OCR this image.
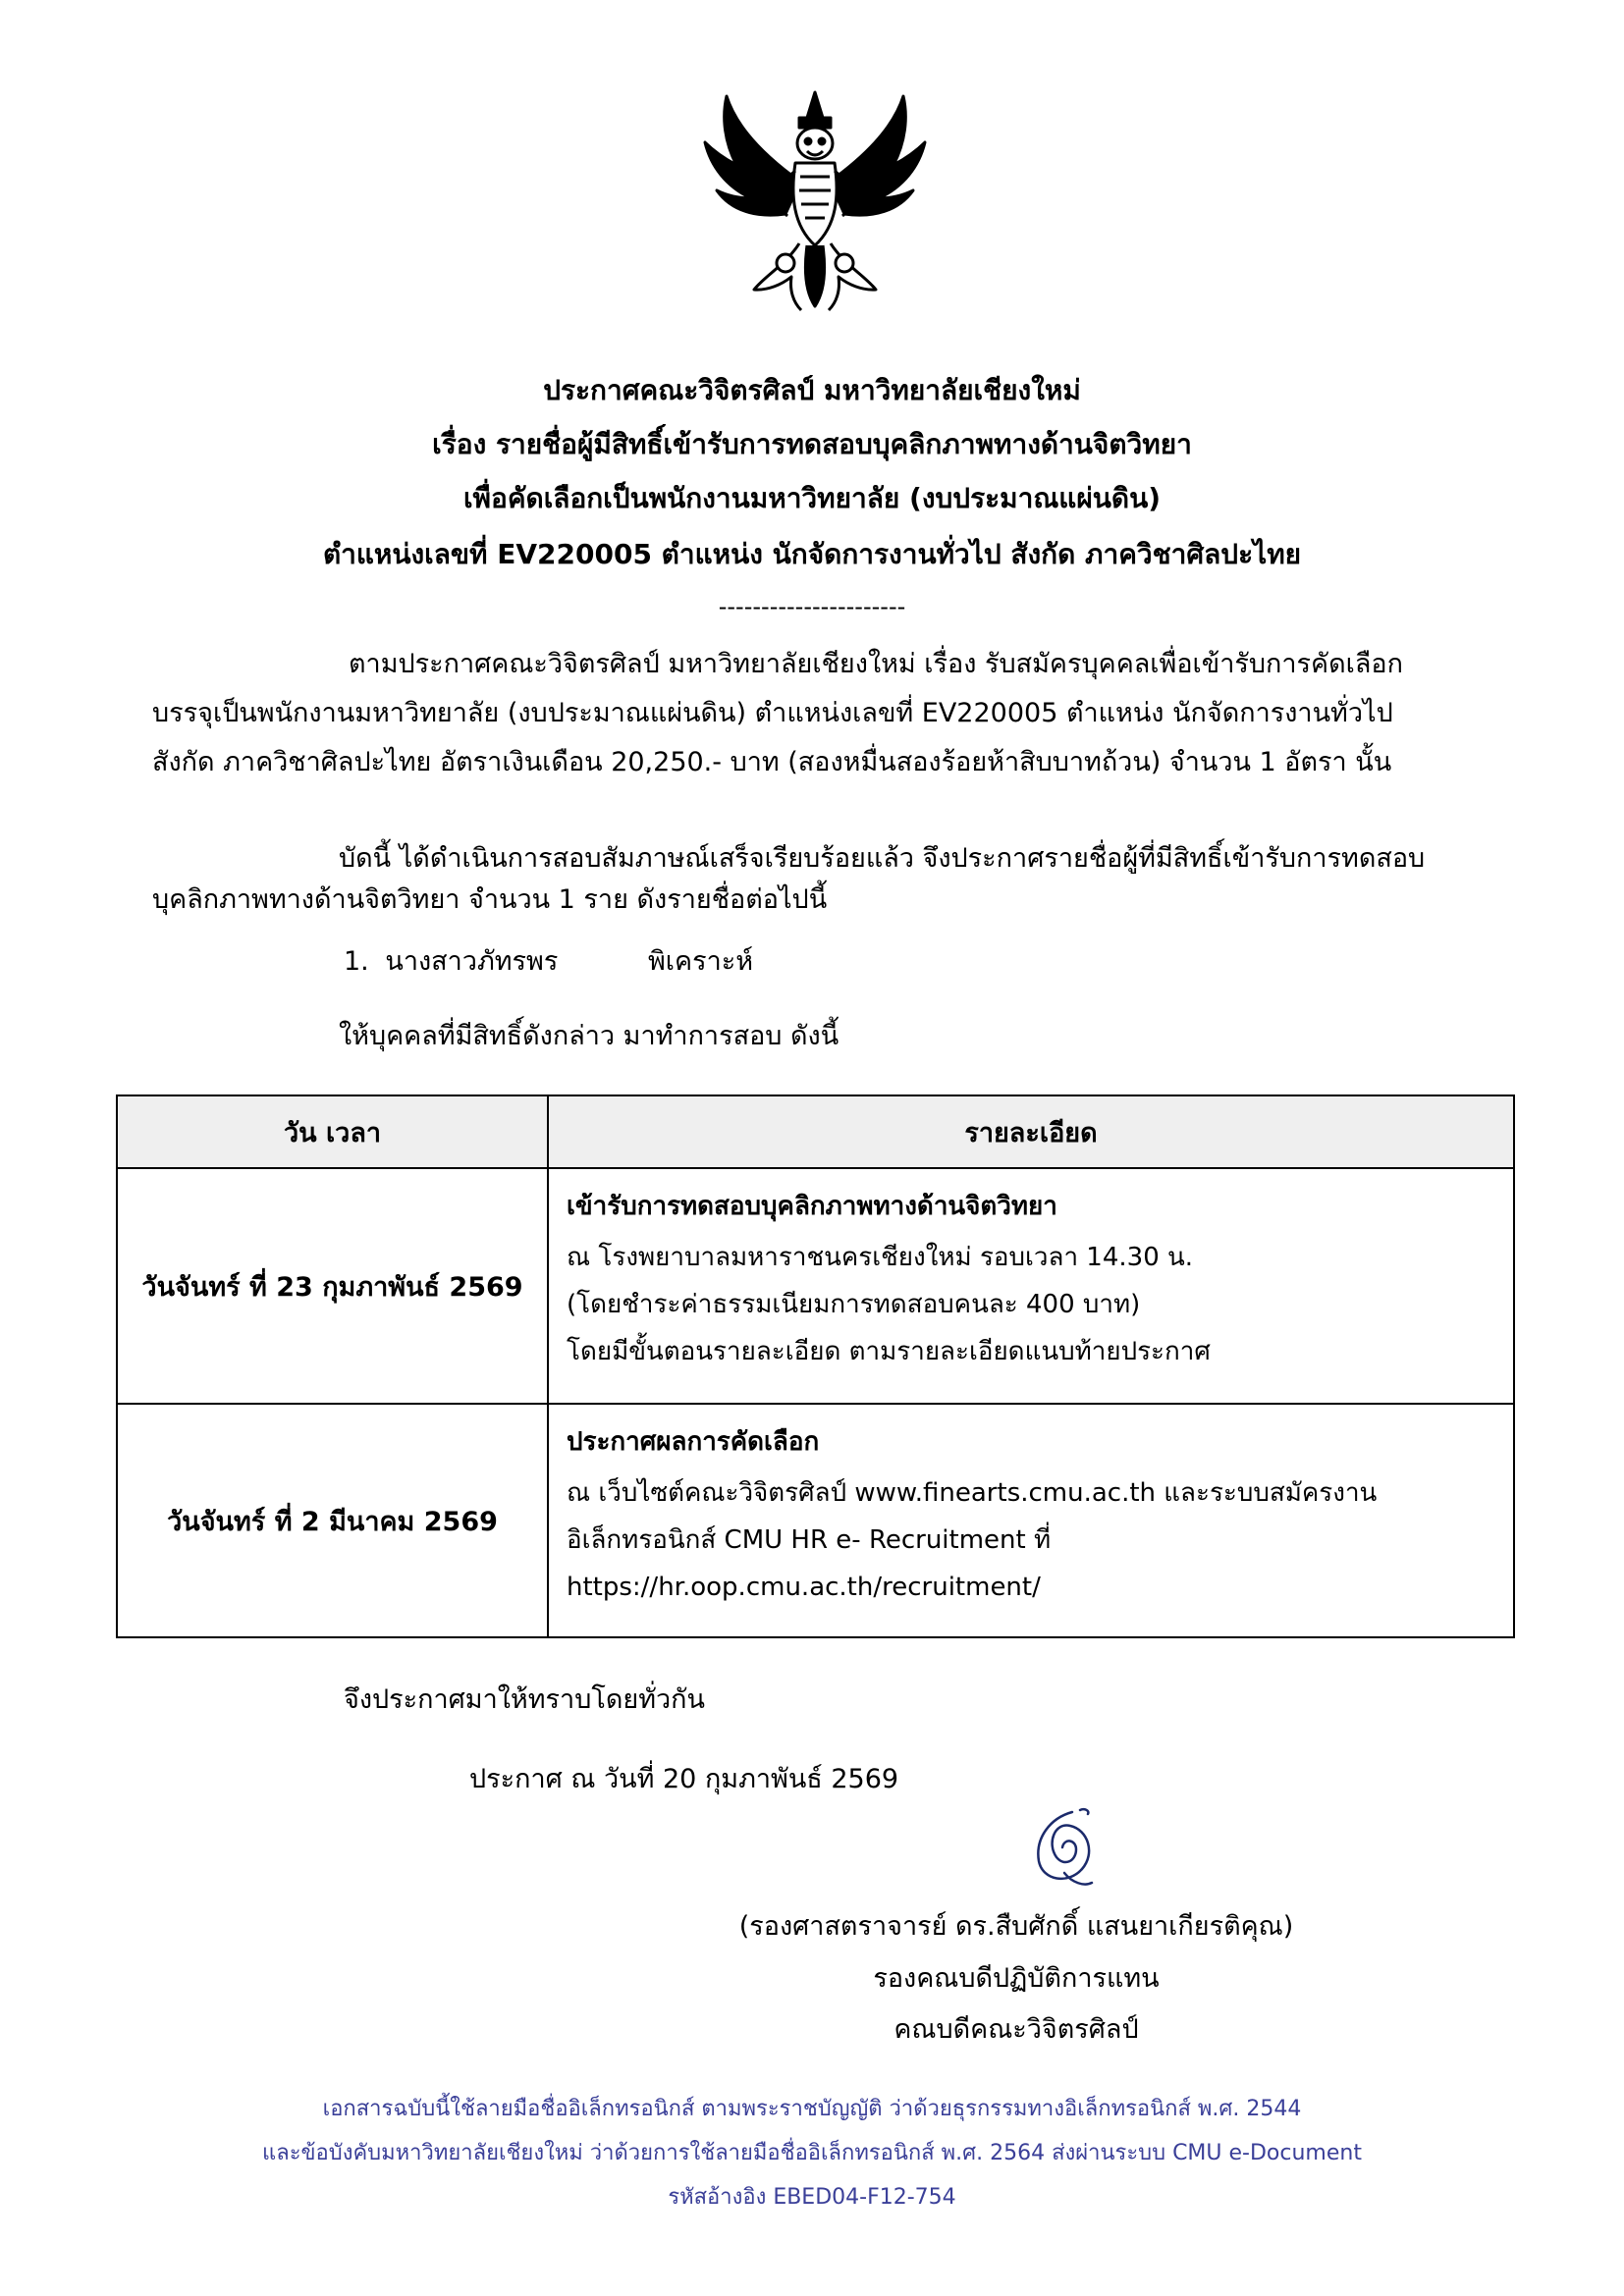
ประกาศคณะวิจิตรศิลป์ มหาวิทยาลัยเชียงใหม่
เรื่อง รายชื่อผู้มีสิทธิ์เข้ารับการทดสอบบุคลิกภาพทางด้านจิตวิทยา
เพื่อคัดเลือกเป็นพนักงานมหาวิทยาลัย (งบประมาณแผ่นดิน)
ตำแหน่งเลขที่ EV220005 ตำแหน่ง นักจัดการงานทั่วไป สังกัด ภาควิชาศิลปะไทย
----------------------
ตามประกาศคณะวิจิตรศิลป์ มหาวิทยาลัยเชียงใหม่ เรื่อง รับสมัครบุคคลเพื่อเข้ารับการคัดเลือก
บรรจุเป็นพนักงานมหาวิทยาลัย (งบประมาณแผ่นดิน) ตำแหน่งเลขที่ EV220005 ตำแหน่ง นักจัดการงานทั่วไป
สังกัด ภาควิชาศิลปะไทย อัตราเงินเดือน 20,250.- บาท (สองหมื่นสองร้อยห้าสิบบาทถ้วน) จำนวน 1 อัตรา นั้น
บัดนี้ ได้ดำเนินการสอบสัมภาษณ์เสร็จเรียบร้อยแล้ว จึงประกาศรายชื่อผู้ที่มีสิทธิ์เข้ารับการทดสอบ
บุคลิกภาพทางด้านจิตวิทยา จำนวน 1 ราย ดังรายชื่อต่อไปนี้
1. นางสาวภัทรพร	พิเคราะห์
ให้บุคคลที่มีสิทธิ์ดังกล่าว มาทำการสอบ ดังนี้
วัน เวลา	รายละเอียด
วันจันทร์ ที่ 23 กุมภาพันธ์ 2569	เข้ารับการทดสอบบุคลิกภาพทางด้านจิตวิทยา
ณ โรงพยาบาลมหาราชนครเชียงใหม่ รอบเวลา 14.30 น.
(โดยชำระค่าธรรมเนียมการทดสอบคนละ 400 บาท)
โดยมีขั้นตอนรายละเอียด ตามรายละเอียดแนบท้ายประกาศ

วันจันทร์ ที่ 2 มีนาคม 2569	ประกาศผลการคัดเลือก
ณ เว็บไซต์คณะวิจิตรศิลป์ www.finearts.cmu.ac.th และระบบสมัครงาน
อิเล็กทรอนิกส์ CMU HR e- Recruitment ที่
https://hr.oop.cmu.ac.th/recruitment/
จึงประกาศมาให้ทราบโดยทั่วกัน
ประกาศ ณ วันที่ 20 กุมภาพันธ์ 2569
(รองศาสตราจารย์ ดร.สืบศักดิ์ แสนยาเกียรติคุณ)
รองคณบดีปฏิบัติการแทน
คณบดีคณะวิจิตรศิลป์
เอกสารฉบับนี้ใช้ลายมือชื่ออิเล็กทรอนิกส์ ตามพระราชบัญญัติ ว่าด้วยธุรกรรมทางอิเล็กทรอนิกส์ พ.ศ. 2544
และข้อบังคับมหาวิทยาลัยเชียงใหม่ ว่าด้วยการใช้ลายมือชื่ออิเล็กทรอนิกส์ พ.ศ. 2564 ส่งผ่านระบบ CMU e-Document
รหัสอ้างอิง EBED04-F12-754
